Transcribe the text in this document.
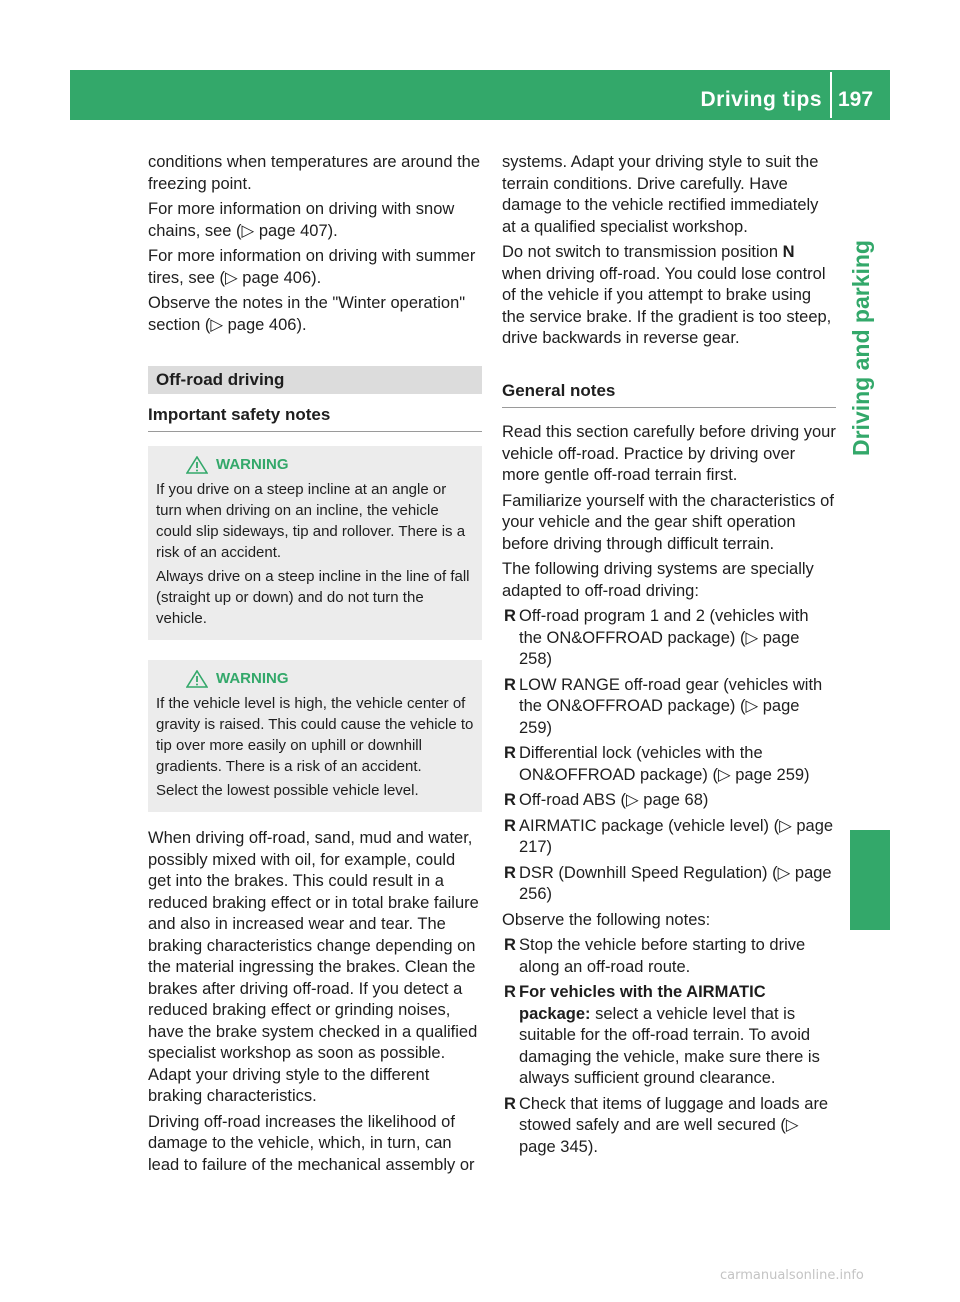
Driving tips 197
Driving and parking

conditions when temperatures are around the freezing point.

For more information on driving with snow chains, see (▷ page 407).

For more information on driving with summer tires, see (▷ page 406).

Observe the notes in the "Winter operation" section (▷ page 406).

Off-road driving
Important safety notes
WARNING

If you drive on a steep incline at an angle or turn when driving on an incline, the vehicle could slip sideways, tip and rollover. There is a risk of an accident.

Always drive on a steep incline in the line of fall (straight up or down) and do not turn the vehicle.

WARNING

If the vehicle level is high, the vehicle center of gravity is raised. This could cause the vehicle to tip over more easily on uphill or downhill gradients. There is a risk of an accident.

Select the lowest possible vehicle level.

When driving off-road, sand, mud and water, possibly mixed with oil, for example, could get into the brakes. This could result in a reduced braking effect or in total brake failure and also in increased wear and tear. The braking characteristics change depending on the material ingressing the brakes. Clean the brakes after driving off-road. If you detect a reduced braking effect or grinding noises, have the brake system checked in a qualified specialist workshop as soon as possible. Adapt your driving style to the different braking characteristics.

Driving off-road increases the likelihood of damage to the vehicle, which, in turn, can lead to failure of the mechanical assembly or

systems. Adapt your driving style to suit the terrain conditions. Drive carefully. Have damage to the vehicle rectified immediately at a qualified specialist workshop.

Do not switch to transmission position N when driving off-road. You could lose control of the vehicle if you attempt to brake using the service brake. If the gradient is too steep, drive backwards in reverse gear.

General notes

Read this section carefully before driving your vehicle off-road. Practice by driving over more gentle off-road terrain first.

Familiarize yourself with the characteristics of your vehicle and the gear shift operation before driving through difficult terrain.

The following driving systems are specially adapted to off-road driving:

R Off-road program 1 and 2 (vehicles with the ON&OFFROAD package) (▷ page 258)
R LOW RANGE off-road gear (vehicles with the ON&OFFROAD package) (▷ page 259)
R Differential lock (vehicles with the ON&OFFROAD package) (▷ page 259)
R Off-road ABS (▷ page 68)
R AIRMATIC package (vehicle level) (▷ page 217)
R DSR (Downhill Speed Regulation) (▷ page 256)

Observe the following notes:

R Stop the vehicle before starting to drive along an off-road route.
R For vehicles with the AIRMATIC package: select a vehicle level that is suitable for the off-road terrain. To avoid damaging the vehicle, make sure there is always sufficient ground clearance.
R Check that items of luggage and loads are stowed safely and are well secured (▷ page 345).
carmanualsonline.info
